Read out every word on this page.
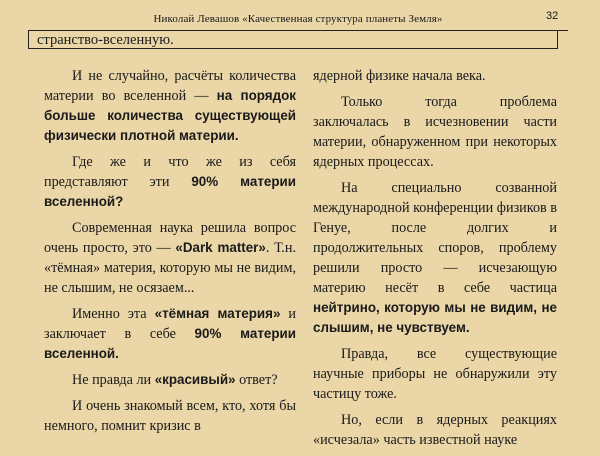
Николай Левашов «Качественная структура планеты Земля»	32
странство-вселенную.

И не случайно, расчёты количества материи во вселенной — на порядок больше количества существующей физически плотной материи.

Где же и что же из себя представляют эти 90% материи вселенной?

Современная наука решила вопрос очень просто, это — «Dark matter». Т.н. «тёмная» материя, которую мы не видим, не слышим, не осязаем...

Именно эта «тёмная материя» и заключает в себе 90% материи вселенной.

Не правда ли «красивый» ответ?

И очень знакомый всем, кто, хотя бы немного, помнит кризис в

ядерной физике начала века.

Только тогда проблема заключалась в исчезновении части материи, обнаруженном при некоторых ядерных процессах.

На специально созванной международной конференции физиков в Генуе, после долгих и продолжительных споров, проблему решили просто — исчезающую материю несёт в себе частица нейтрино, которую мы не видим, не слышим, не чувствуем.

Правда, все существующие научные приборы не обнаружили эту частицу тоже.

Но, если в ядерных реакциях «исчезала» часть известной науке
